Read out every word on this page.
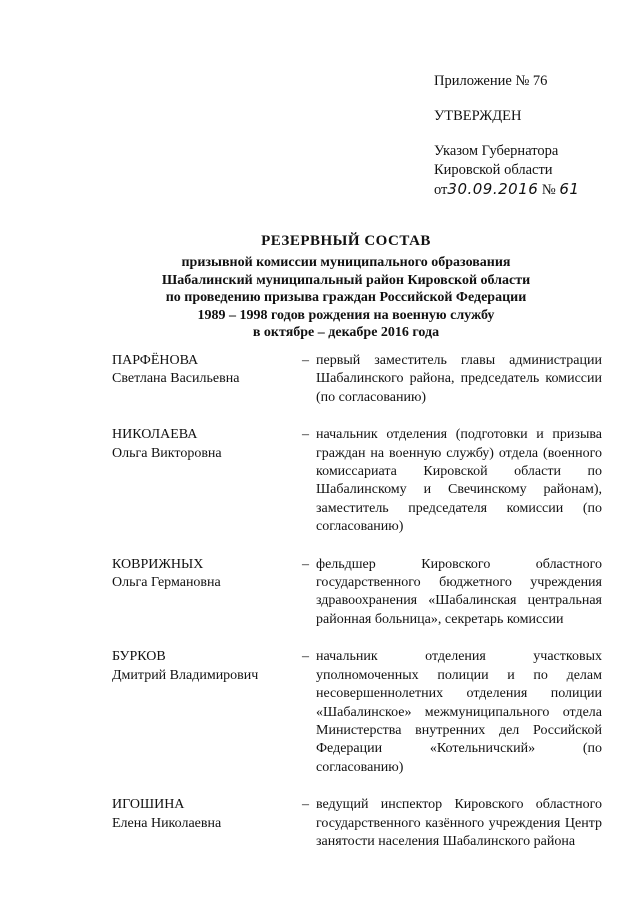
Приложение № 76
УТВЕРЖДЕН
Указом Губернатора
Кировской области
от30.09.2016 № 61
РЕЗЕРВНЫЙ СОСТАВ
призывной комиссии муниципального образования
Шабалинский муниципальный район Кировской области
по проведению призыва граждан Российской Федерации
1989 – 1998 годов рождения на военную службу
в октябре – декабре 2016 года
ПАРФЁНОВА
Светлана Васильевна
– первый заместитель главы администрации Шабалинского района, председатель комиссии (по согласованию)
НИКОЛАЕВА
Ольга Викторовна
– начальник отделения (подготовки и призыва граждан на военную службу) отдела (военного комиссариата Кировской области по Шабалинскому и Свечинскому районам), заместитель председателя комиссии (по согласованию)
КОВРИЖНЫХ
Ольга Германовна
– фельдшер Кировского областного государственного бюджетного учреждения здравоохранения «Шабалинская центральная районная больница», секретарь комиссии
БУРКОВ
Дмитрий Владимирович
– начальник отделения участковых уполномоченных полиции и по делам несовершеннолетних отделения полиции «Шабалинское» межмуниципального отдела Министерства внутренних дел Российской Федерации «Котельничский» (по согласованию)
ИГОШИНА
Елена Николаевна
– ведущий инспектор Кировского областного государственного казённого учреждения Центр занятости населения Шабалинского района
